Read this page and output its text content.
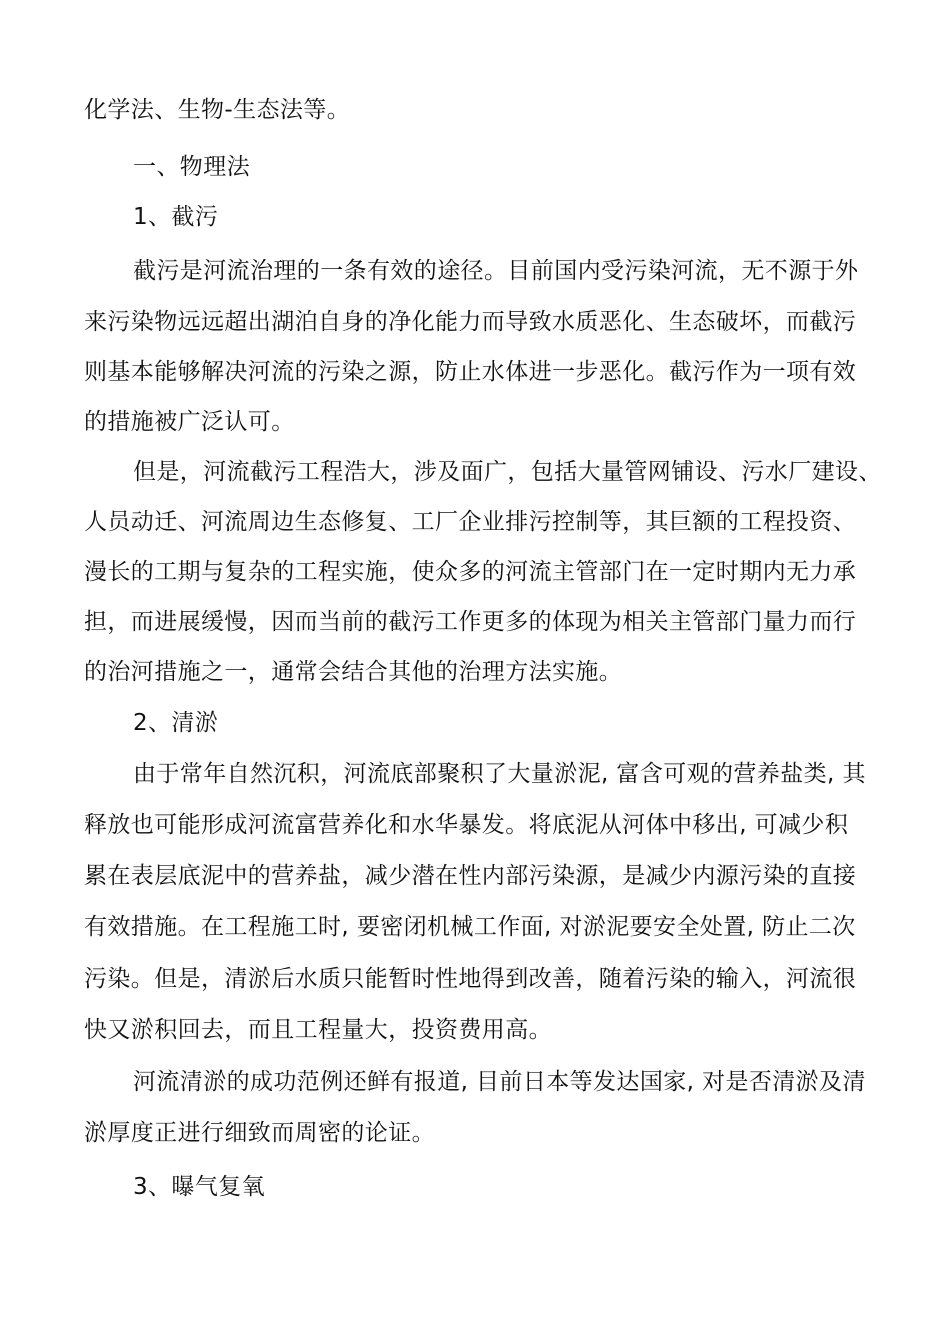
化学法、生物-生态法等。

一、物理法

1、截污

截污是河流治理的一条有效的途径。目前国内受污染河流，无不源于外

来污染物远远超出湖泊自身的净化能力而导致水质恶化、生态破坏，而截污

则基本能够解决河流的污染之源，防止水体进一步恶化。截污作为一项有效

的措施被广泛认可。

但是，河流截污工程浩大，涉及面广，包括大量管网铺设、污水厂建设、

人员动迁、河流周边生态修复、工厂企业排污控制等，其巨额的工程投资、

漫长的工期与复杂的工程实施，使众多的河流主管部门在一定时期内无力承

担，而进展缓慢，因而当前的截污工作更多的体现为相关主管部门量力而行

的治河措施之一，通常会结合其他的治理方法实施。

2、清淤

由于常年自然沉积，河流底部聚积了大量淤泥, 富含可观的营养盐类, 其

释放也可能形成河流富营养化和水华暴发。将底泥从河体中移出, 可减少积

累在表层底泥中的营养盐，减少潜在性内部污染源，是减少内源污染的直接

有效措施。在工程施工时, 要密闭机械工作面, 对淤泥要安全处置, 防止二次

污染。但是，清淤后水质只能暂时性地得到改善，随着污染的输入，河流很

快又淤积回去，而且工程量大，投资费用高。

河流清淤的成功范例还鲜有报道, 目前日本等发达国家, 对是否清淤及清

淤厚度正进行细致而周密的论证。

3、曝气复氧
